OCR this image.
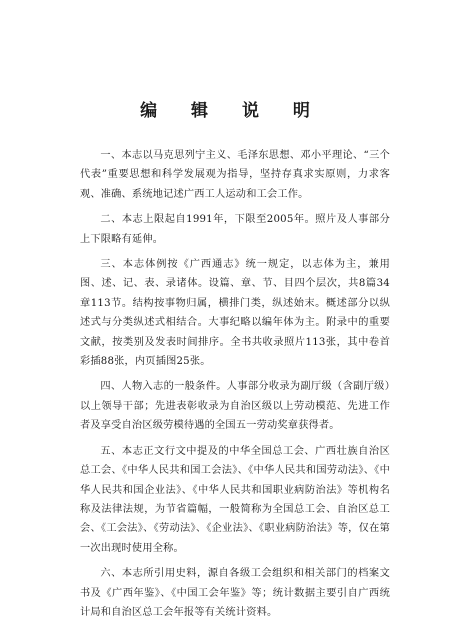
编 辑 说 明

一、本志以马克思列宁主义、毛泽东思想、邓小平理论、“三个代表”重要思想和科学发展观为指导，坚持存真求实原则，力求客观、准确、系统地记述广西工人运动和工会工作。

二、本志上限起自1991年，下限至2005年。照片及人事部分上下限略有延伸。

三、本志体例按《广西通志》统一规定，以志体为主，兼用图、述、记、表、录诸体。设篇、章、节、目四个层次，共8篇34章113节。结构按事物归属，横排门类，纵述始末。概述部分以纵述式与分类纵述式相结合。大事纪略以编年体为主。附录中的重要文献，按类别及发表时间排序。全书共收录照片113张，其中卷首彩插88张，内页插图25张。

四、人物入志的一般条件。人事部分收录为副厅级（含副厅级）以上领导干部；先进表彰收录为自治区级以上劳动模范、先进工作者及享受自治区级劳模待遇的全国五一劳动奖章获得者。

五、本志正文行文中提及的中华全国总工会、广西壮族自治区总工会、《中华人民共和国工会法》、《中华人民共和国劳动法》、《中华人民共和国企业法》、《中华人民共和国职业病防治法》等机构名称及法律法规，为节省篇幅，一般简称为全国总工会、自治区总工会、《工会法》、《劳动法》、《企业法》、《职业病防治法》等，仅在第一次出现时使用全称。

六、本志所引用史料，源自各级工会组织和相关部门的档案文书及《广西年鉴》、《中国工会年鉴》等；统计数据主要引自广西统计局和自治区总工会年报等有关统计资料。
